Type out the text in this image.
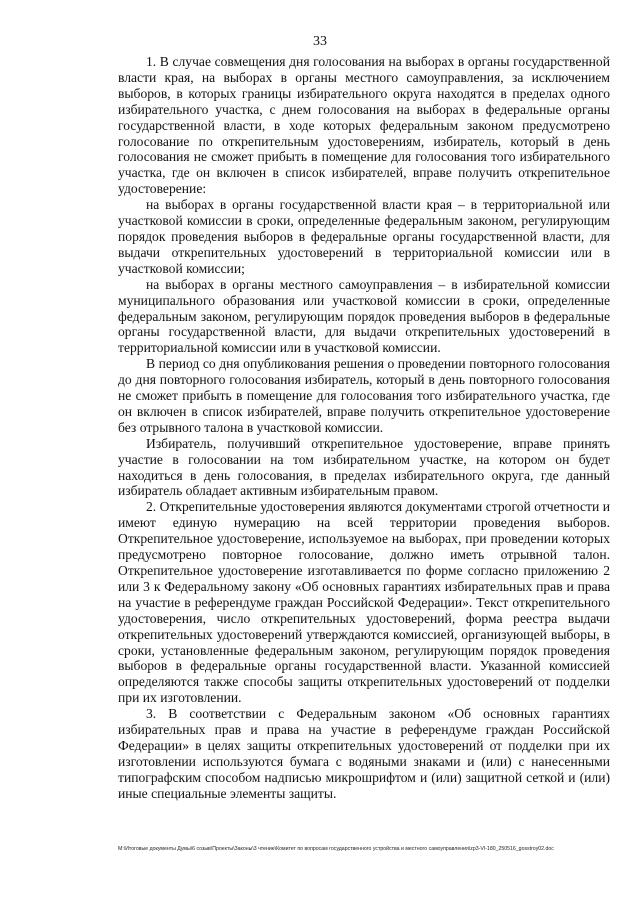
33

1. В случае совмещения дня голосования на выборах в органы государственной власти края, на выборах в органы местного самоуправления, за исключением выборов, в которых границы избирательного округа находятся в пределах одного избирательного участка, с днем голосования на выборах в федеральные органы государственной власти, в ходе которых федеральным законом предусмотрено голосование по открепительным удостоверениям, избиратель, который в день голосования не сможет прибыть в помещение для голосования того избирательного участка, где он включен в список избирателей, вправе получить открепительное удостоверение:

на выборах в органы государственной власти края – в территориальной или участковой комиссии в сроки, определенные федеральным законом, регулирующим порядок проведения выборов в федеральные органы государственной власти, для выдачи открепительных удостоверений в территориальной комиссии или в участковой комиссии;

на выборах в органы местного самоуправления – в избирательной комиссии муниципального образования или участковой комиссии в сроки, определенные федеральным законом, регулирующим порядок проведения выборов в федеральные органы государственной власти, для выдачи открепительных удостоверений в территориальной комиссии или в участковой комиссии.

В период со дня опубликования решения о проведении повторного голосования до дня повторного голосования избиратель, который в день повторного голосования не сможет прибыть в помещение для голосования того избирательного участка, где он включен в список избирателей, вправе получить открепительное удостоверение без отрывного талона в участковой комиссии.

Избиратель, получивший открепительное удостоверение, вправе принять участие в голосовании на том избирательном участке, на котором он будет находиться в день голосования, в пределах избирательного округа, где данный избиратель обладает активным избирательным правом.

2. Открепительные удостоверения являются документами строгой отчетности и имеют единую нумерацию на всей территории проведения выборов. Открепительное удостоверение, используемое на выборах, при проведении которых предусмотрено повторное голосование, должно иметь отрывной талон. Открепительное удостоверение изготавливается по форме согласно приложению 2 или 3 к Федеральному закону «Об основных гарантиях избирательных прав и права на участие в референдуме граждан Российской Федерации». Текст открепительного удостоверения, число открепительных удостоверений, форма реестра выдачи открепительных удостоверений утверждаются комиссией, организующей выборы, в сроки, установленные федеральным законом, регулирующим порядок проведения выборов в федеральные органы государственной власти. Указанной комиссией определяются также способы защиты открепительных удостоверений от подделки при их изготовлении.

3. В соответствии с Федеральным законом «Об основных гарантиях избирательных прав и права на участие в референдуме граждан Российской Федерации» в целях защиты открепительных удостоверений от подделки при их изготовлении используются бумага с водяными знаками и (или) с нанесенными типографским способом надписью микрошрифтом и (или) защитной сеткой и (или) иные специальные элементы защиты.

M:\Итоговые документы Думы\6 созыв\Проекты\Законы\3 чтение\Комитет по вопросам государственного устройства и местного самоуправления\zp3-VI-180_250516_gosstroy02.doc
